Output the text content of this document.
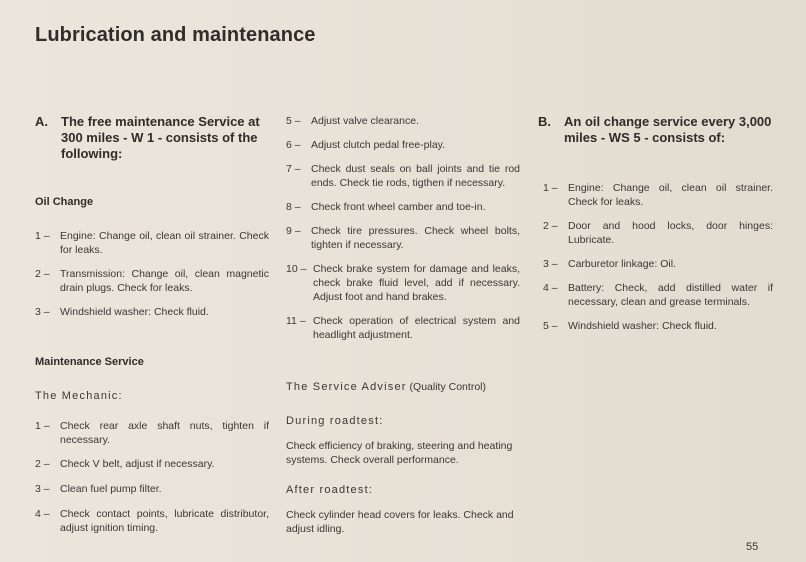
Lubrication and maintenance
A. The free maintenance Service at 300 miles - W 1 - consists of the following:
Oil Change
1 – Engine: Change oil, clean oil strainer. Check for leaks.
2 – Transmission: Change oil, clean magnetic drain plugs. Check for leaks.
3 – Windshield washer: Check fluid.
Maintenance Service
The Mechanic:
1 – Check rear axle shaft nuts, tighten if necessary.
2 – Check V belt, adjust if necessary.
3 – Clean fuel pump filter.
4 – Check contact points, lubricate distributor, adjust ignition timing.
5 – Adjust valve clearance.
6 – Adjust clutch pedal free-play.
7 – Check dust seals on ball joints and tie rod ends. Check tie rods, tigthen if necessary.
8 – Check front wheel camber and toe-in.
9 – Check tire pressures. Check wheel bolts, tighten if necessary.
10 – Check brake system for damage and leaks, check brake fluid level, add if necessary. Adjust foot and hand brakes.
11 – Check operation of electrical system and headlight adjustment.
The Service Adviser (Quality Control)
During roadtest:
Check efficiency of braking, steering and heating systems. Check overall performance.
After roadtest:
Check cylinder head covers for leaks. Check and adjust idling.
B. An oil change service every 3,000 miles - WS 5 - consists of:
1 – Engine: Change oil, clean oil strainer. Check for leaks.
2 – Door and hood locks, door hinges: Lubricate.
3 – Carburetor linkage: Oil.
4 – Battery: Check, add distilled water if necessary, clean and grease terminals.
5 – Windshield washer: Check fluid.
55
